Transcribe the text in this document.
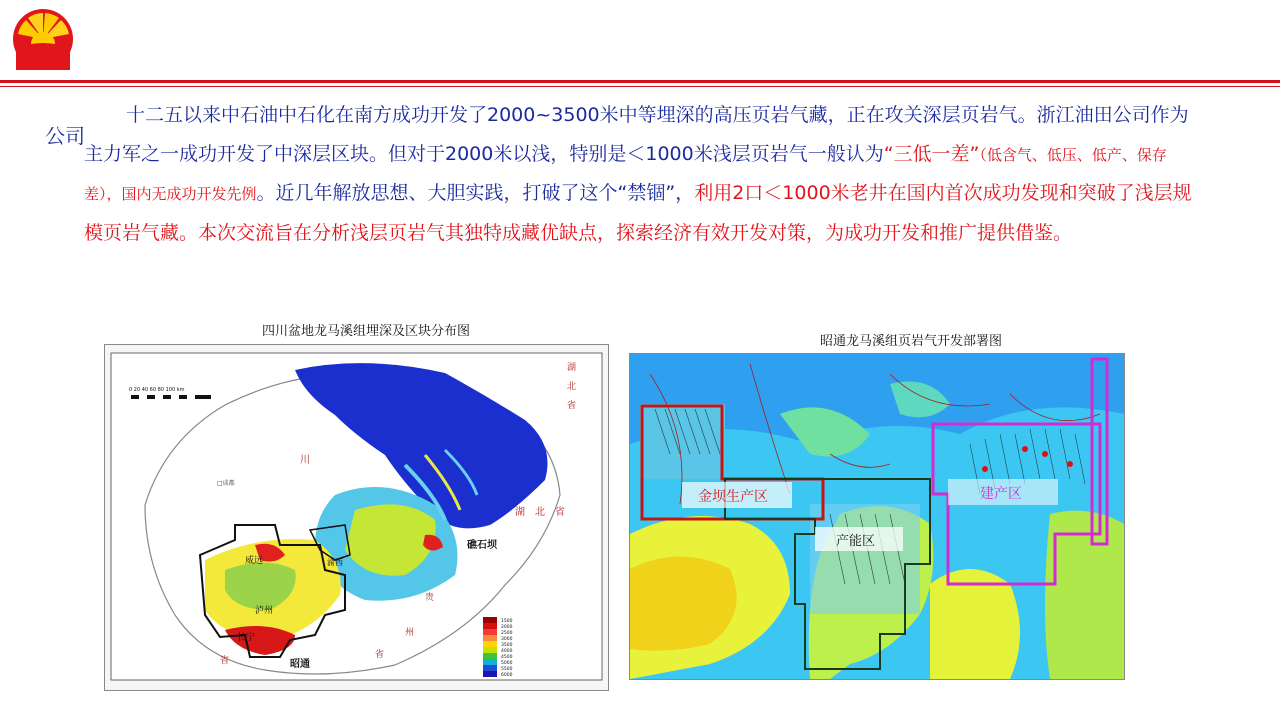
公司
十二五以来中石油中石化在南方成功开发了2000~3500米中等埋深的高压页岩气藏，正在攻关深层页岩气。浙江油田公司作为主力军之一成功开发了中深层区块。但对于2000米以浅，特别是＜1000米浅层页岩气一般认为“三低一差”（低含气、低压、低产、保存差），国内无成功开发先例。近几年解放思想、大胆实践，打破了这个“禁锢”，利用2口＜1000米老井在国内首次成功发现和突破了浅层规模页岩气藏。本次交流旨在分析浅层页岩气其独特成藏优缺点，探索经济有效开发对策，为成功开发和推广提供借鉴。
四川盆地龙马溪组埋深及区块分布图
0 20 40 60 80 100 km
湖
北
省
湖　北　省
川
贵
州
省
省
□成都
威远	渝西
泸州
长宁
昭通
礁石坝
1500
2000
2500
3000
3500
4000
4500
5000
5500
6000
昭通龙马溪组页岩气开发部署图
金坝生产区
产能区
建产区
